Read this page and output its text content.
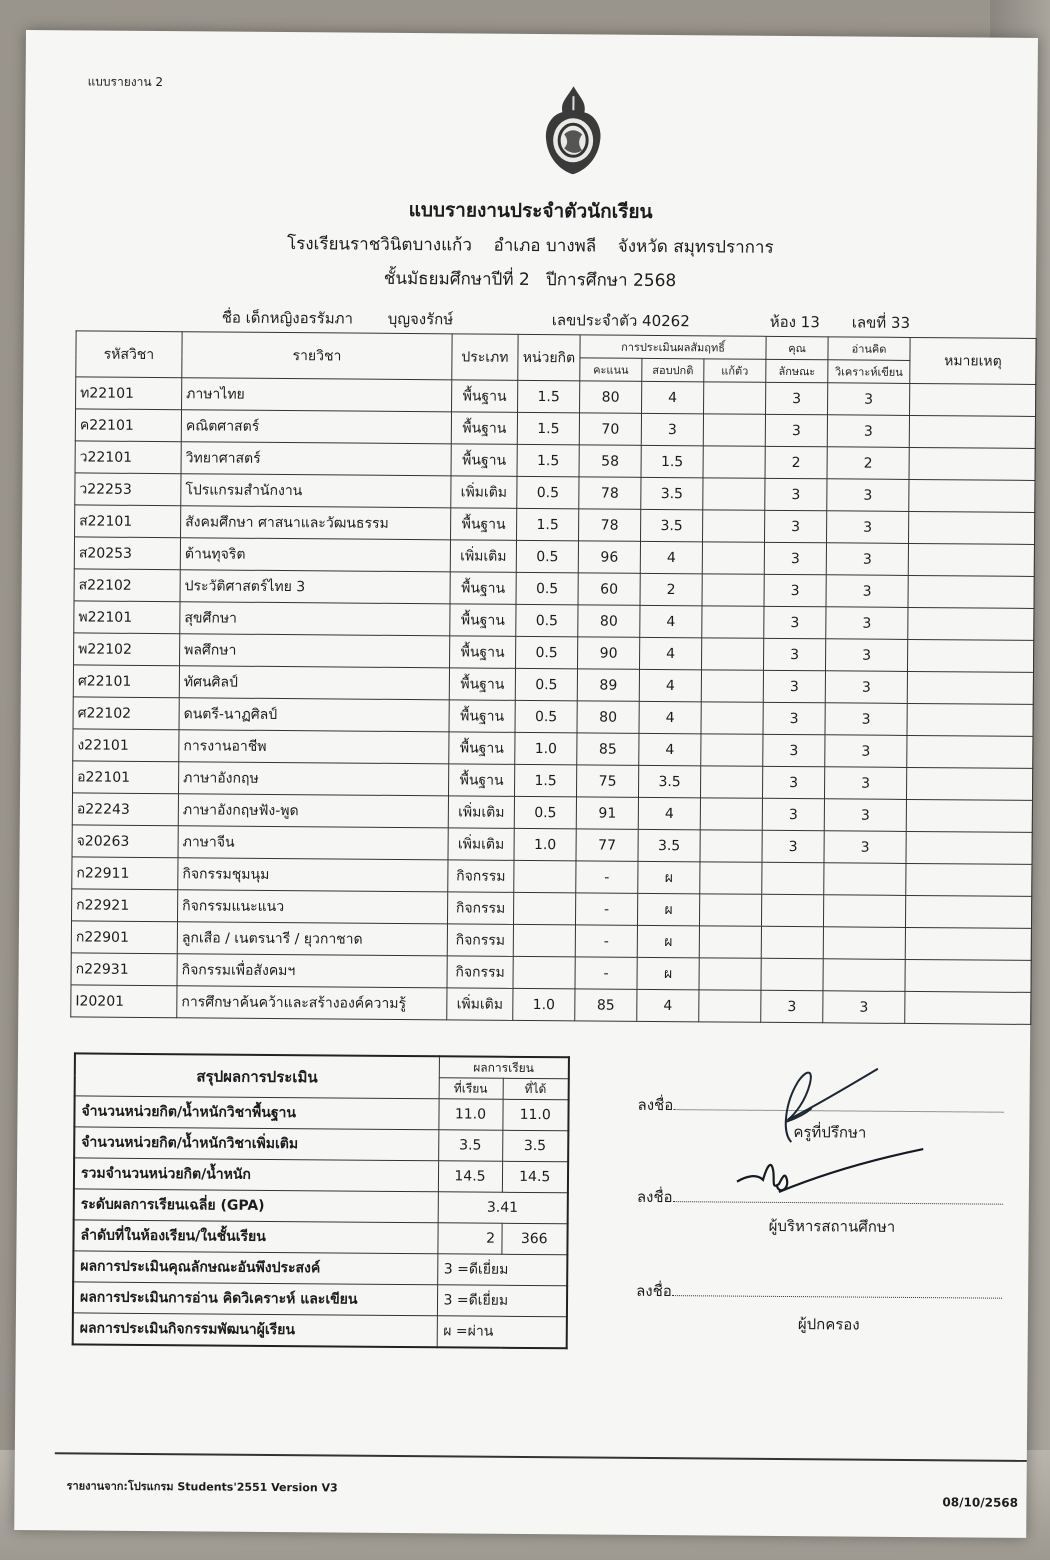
แบบรายงาน 2
แบบรายงานประจำตัวนักเรียน
โรงเรียนราชวินิตบางแก้ว อำเภอ บางพลี จังหวัด สมุทรปราการ
ชั้นมัธยมศึกษาปีที่ 2 ปีการศึกษา 2568
ชื่อ เด็กหญิงอรรัมภา บุญจงรักษ์	เลขประจำตัว 40262	ห้อง 13 เลขที่ 33
รหัสวิชา	รายวิชา	ประเภท	หน่วยกิต	การประเมินผลสัมฤทธิ์			คุณ	อ่านคิด	หมายเหตุ
				คะแนน	สอบปกติ	แก้ตัว	ลักษณะ	วิเคราะห์เขียน	
ท22101	ภาษาไทย	พื้นฐาน	1.5	80	4		3	3	
ค22101	คณิตศาสตร์	พื้นฐาน	1.5	70	3		3	3	
ว22101	วิทยาศาสตร์	พื้นฐาน	1.5	58	1.5		2	2	
ว22253	โปรแกรมสำนักงาน	เพิ่มเติม	0.5	78	3.5		3	3	
ส22101	สังคมศึกษา ศาสนาและวัฒนธรรม	พื้นฐาน	1.5	78	3.5		3	3	
ส20253	ต้านทุจริต	เพิ่มเติม	0.5	96	4		3	3	
ส22102	ประวัติศาสตร์ไทย 3	พื้นฐาน	0.5	60	2		3	3	
พ22101	สุขศึกษา	พื้นฐาน	0.5	80	4		3	3	
พ22102	พลศึกษา	พื้นฐาน	0.5	90	4		3	3	
ศ22101	ทัศนศิลป์	พื้นฐาน	0.5	89	4		3	3	
ศ22102	ดนตรี-นาฏศิลป์	พื้นฐาน	0.5	80	4		3	3	
ง22101	การงานอาชีพ	พื้นฐาน	1.0	85	4		3	3	
อ22101	ภาษาอังกฤษ	พื้นฐาน	1.5	75	3.5		3	3	
อ22243	ภาษาอังกฤษฟัง-พูด	เพิ่มเติม	0.5	91	4		3	3	
จ20263	ภาษาจีน	เพิ่มเติม	1.0	77	3.5		3	3	
ก22911	กิจกรรมชุมนุม	กิจกรรม		-	ผ				
ก22921	กิจกรรมแนะแนว	กิจกรรม		-	ผ				
ก22901	ลูกเสือ / เนตรนารี / ยุวกาชาด	กิจกรรม		-	ผ				
ก22931	กิจกรรมเพื่อสังคมฯ	กิจกรรม		-	ผ				
I20201	การศึกษาค้นคว้าและสร้างองค์ความรู้	เพิ่มเติม	1.0	85	4		3	3	
สรุปผลการประเมิน	ผลการเรียน	
	ที่เรียน	ที่ได้
จำนวนหน่วยกิต/น้ำหนักวิชาพื้นฐาน	11.0	11.0
จำนวนหน่วยกิต/น้ำหนักวิชาเพิ่มเติม	3.5	3.5
รวมจำนวนหน่วยกิต/น้ำหนัก	14.5	14.5
ระดับผลการเรียนเฉลี่ย (GPA)	3.41	
ลำดับที่ในห้องเรียน/ในชั้นเรียน	2	366
ผลการประเมินคุณลักษณะอันพึงประสงค์	3 =ดีเยี่ยม	
ผลการประเมินการอ่าน คิดวิเคราะห์ และเขียน	3 =ดีเยี่ยม	
ผลการประเมินกิจกรรมพัฒนาผู้เรียน	ผ =ผ่าน	
ลงชื่อ
ครูที่ปรึกษา
ลงชื่อ
ผู้บริหารสถานศึกษา
ลงชื่อ
ผู้ปกครอง
รายงานจาก:โปรแกรม Students'2551 Version V3
08/10/2568
